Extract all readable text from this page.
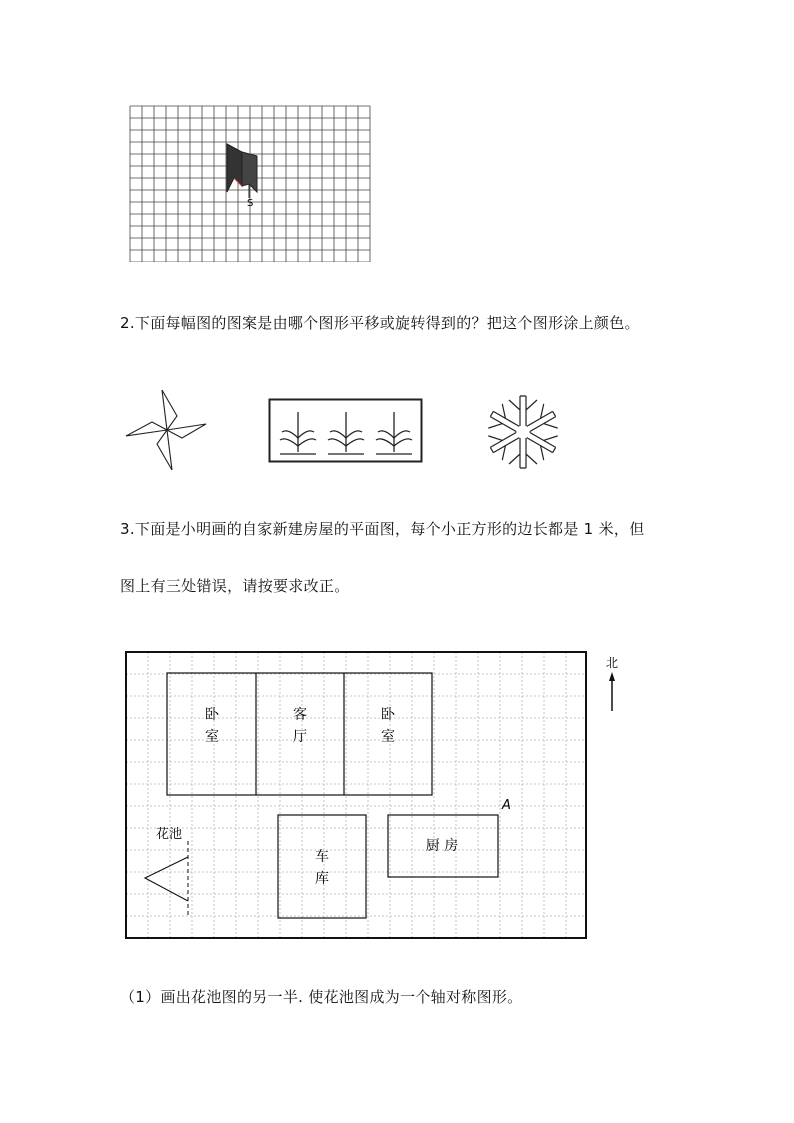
S
2.下面每幅图的图案是由哪个图形平移或旋转得到的？把这个图形涂上颜色。
3.下面是小明画的自家新建房屋的平面图，每个小正方形的边长都是 1 米，但
图上有三处错误，请按要求改正。
卧
室
客
厅
卧
室
车
库
厨 房
A
花池
北
（1）画出花池图的另一半. 使花池图成为一个轴对称图形。
